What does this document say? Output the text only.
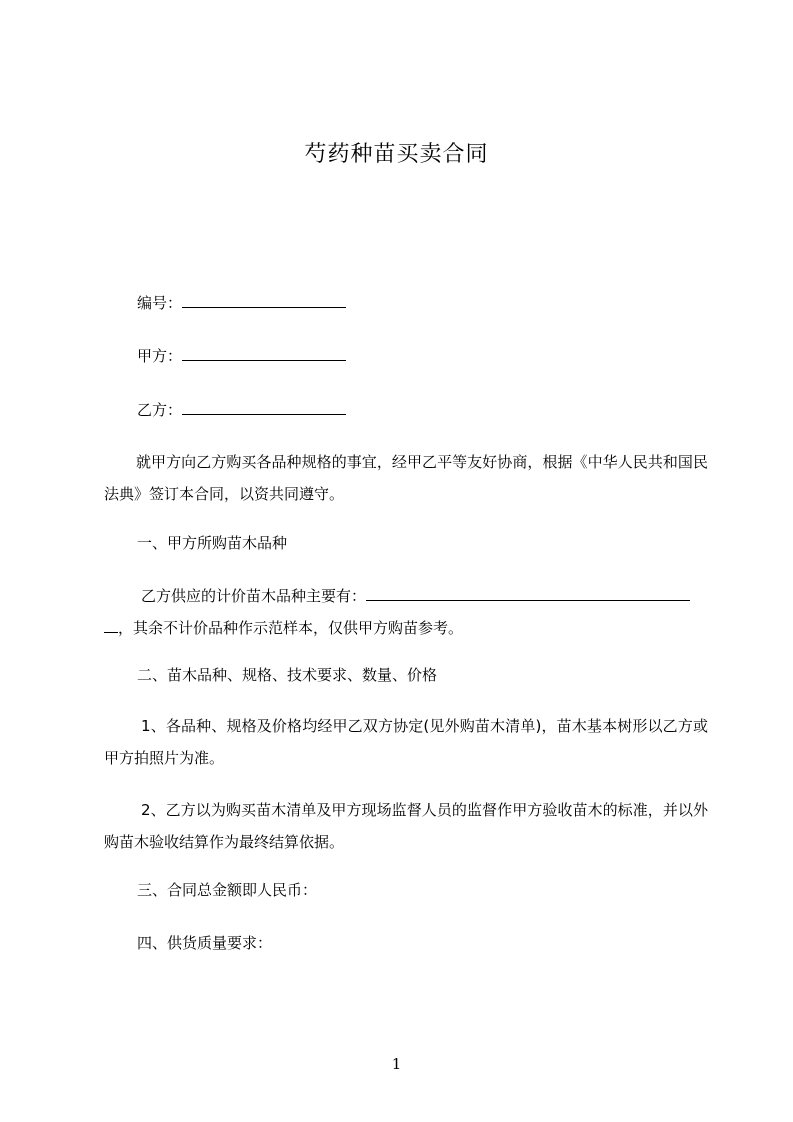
芍药种苗买卖合同
编号：
甲方：
乙方：
就甲方向乙方购买各品种规格的事宜，经甲乙平等友好协商，根据《中华人民共和国民法典》签订本合同，以资共同遵守。
一、甲方所购苗木品种
乙方供应的计价苗木品种主要有：
，其余不计价品种作示范样本，仅供甲方购苗参考。
二、苗木品种、规格、技术要求、数量、价格
1、各品种、规格及价格均经甲乙双方协定(见外购苗木清单)，苗木基本树形以乙方或甲方拍照片为准。
2、乙方以为购买苗木清单及甲方现场监督人员的监督作甲方验收苗木的标准，并以外购苗木验收结算作为最终结算依据。
三、合同总金额即人民币：
四、供货质量要求：
1
